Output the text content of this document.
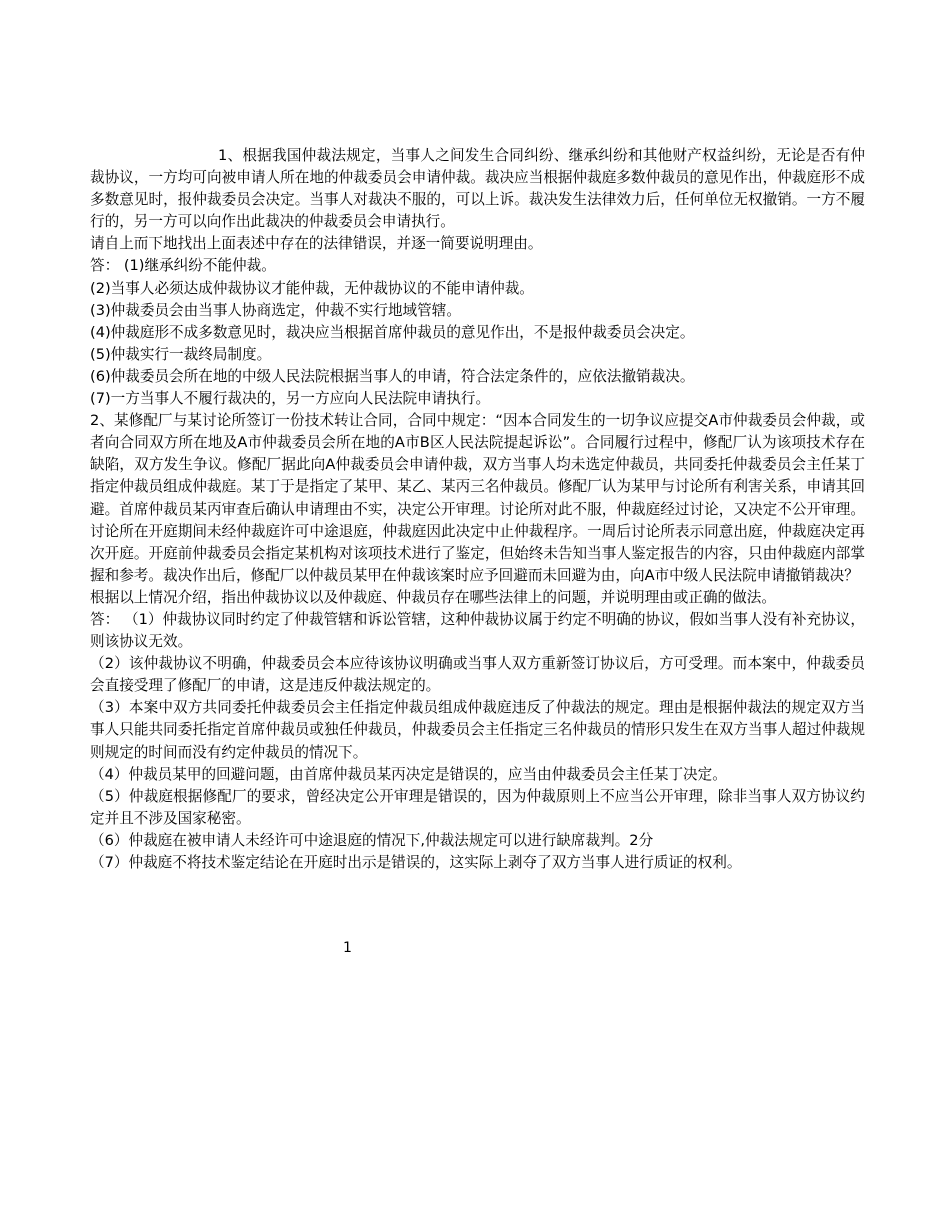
1、根据我国仲裁法规定，当事人之间发生合同纠纷、继承纠纷和其他财产权益纠纷，无论是否有仲裁协议，一方均可向被申请人所在地的仲裁委员会申请仲裁。裁决应当根据仲裁庭多数仲裁员的意见作出，仲裁庭形不成多数意见时，报仲裁委员会决定。当事人对裁决不服的，可以上诉。裁决发生法律效力后，任何单位无权撤销。一方不履行的，另一方可以向作出此裁决的仲裁委员会申请执行。

请自上而下地找出上面表述中存在的法律错误，并逐一简要说明理由。

答： (1)继承纠纷不能仲裁。

(2)当事人必须达成仲裁协议才能仲裁，无仲裁协议的不能申请仲裁。

(3)仲裁委员会由当事人协商选定，仲裁不实行地域管辖。

(4)仲裁庭形不成多数意见时，裁决应当根据首席仲裁员的意见作出，不是报仲裁委员会决定。

(5)仲裁实行一裁终局制度。

(6)仲裁委员会所在地的中级人民法院根据当事人的申请，符合法定条件的，应依法撤销裁决。

(7)一方当事人不履行裁决的，另一方应向人民法院申请执行。

2、某修配厂与某讨论所签订一份技术转让合同，合同中规定：“因本合同发生的一切争议应提交A市仲裁委员会仲裁，或者向合同双方所在地及A市仲裁委员会所在地的A市B区人民法院提起诉讼”。合同履行过程中，修配厂认为该项技术存在缺陷，双方发生争议。修配厂据此向A仲裁委员会申请仲裁，双方当事人均未选定仲裁员，共同委托仲裁委员会主任某丁指定仲裁员组成仲裁庭。某丁于是指定了某甲、某乙、某丙三名仲裁员。修配厂认为某甲与讨论所有利害关系，申请其回避。首席仲裁员某丙审查后确认申请理由不实，决定公开审理。讨论所对此不服，仲裁庭经过讨论，又决定不公开审理。讨论所在开庭期间未经仲裁庭许可中途退庭，仲裁庭因此决定中止仲裁程序。一周后讨论所表示同意出庭，仲裁庭决定再次开庭。开庭前仲裁委员会指定某机构对该项技术进行了鉴定，但始终未告知当事人鉴定报告的内容，只由仲裁庭内部掌握和参考。裁决作出后，修配厂以仲裁员某甲在仲裁该案时应予回避而未回避为由，向A市中级人民法院申请撤销裁决？

根据以上情况介绍，指出仲裁协议以及仲裁庭、仲裁员存在哪些法律上的问题，并说明理由或正确的做法。

答： （1）仲裁协议同时约定了仲裁管辖和诉讼管辖，这种仲裁协议属于约定不明确的协议，假如当事人没有补充协议，则该协议无效。

（2）该仲裁协议不明确，仲裁委员会本应待该协议明确或当事人双方重新签订协议后，方可受理。而本案中，仲裁委员会直接受理了修配厂的申请，这是违反仲裁法规定的。

（3）本案中双方共同委托仲裁委员会主任指定仲裁员组成仲裁庭违反了仲裁法的规定。理由是根据仲裁法的规定双方当事人只能共同委托指定首席仲裁员或独任仲裁员，仲裁委员会主任指定三名仲裁员的情形只发生在双方当事人超过仲裁规则规定的时间而没有约定仲裁员的情况下。

（4）仲裁员某甲的回避问题，由首席仲裁员某丙决定是错误的，应当由仲裁委员会主任某丁决定。

（5）仲裁庭根据修配厂的要求，曾经决定公开审理是错误的，因为仲裁原则上不应当公开审理，除非当事人双方协议约定并且不涉及国家秘密。

（6）仲裁庭在被申请人未经许可中途退庭的情况下,仲裁法规定可以进行缺席裁判。2分

（7）仲裁庭不将技术鉴定结论在开庭时出示是错误的，这实际上剥夺了双方当事人进行质证的权利。

1
